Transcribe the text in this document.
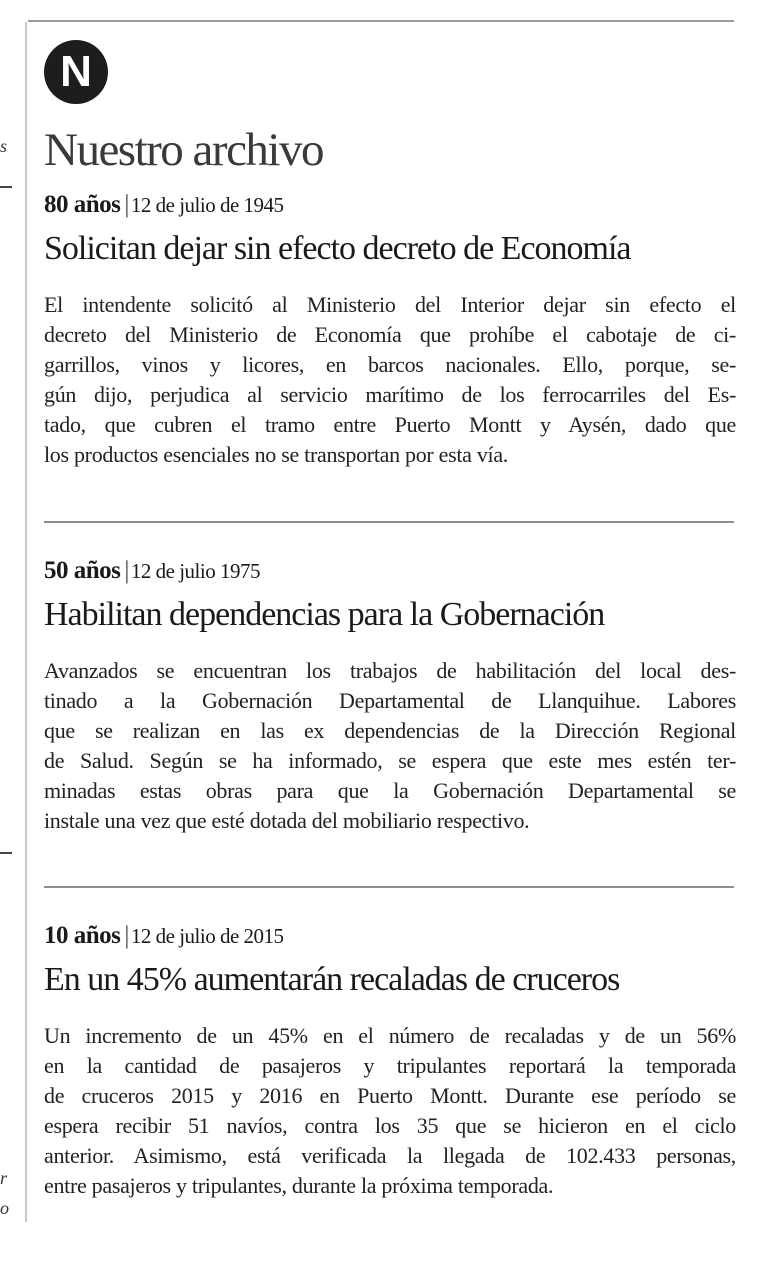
s
r
o
N
Nuestro archivo
80 años |12 de julio de 1945
Solicitan dejar sin efecto decreto de Economía
El intendente solicitó al Ministerio del Interior dejar sin efecto el
decreto del Ministerio de Economía que prohíbe el cabotaje de ci-
garrillos, vinos y licores, en barcos nacionales. Ello, porque, se-
gún dijo, perjudica al servicio marítimo de los ferrocarriles del Es-
tado, que cubren el tramo entre Puerto Montt y Aysén, dado que
los productos esenciales no se transportan por esta vía.
50 años |12 de julio 1975
Habilitan dependencias para la Gobernación
Avanzados se encuentran los trabajos de habilitación del local des-
tinado a la Gobernación Departamental de Llanquihue. Labores
que se realizan en las ex dependencias de la Dirección Regional
de Salud. Según se ha informado, se espera que este mes estén ter-
minadas estas obras para que la Gobernación Departamental se
instale una vez que esté dotada del mobiliario respectivo.
10 años |12 de julio de 2015
En un 45% aumentarán recaladas de cruceros
Un incremento de un 45% en el número de recaladas y de un 56%
en la cantidad de pasajeros y tripulantes reportará la temporada
de cruceros 2015 y 2016 en Puerto Montt. Durante ese período se
espera recibir 51 navíos, contra los 35 que se hicieron en el ciclo
anterior. Asimismo, está verificada la llegada de 102.433 personas,
entre pasajeros y tripulantes, durante la próxima temporada.
